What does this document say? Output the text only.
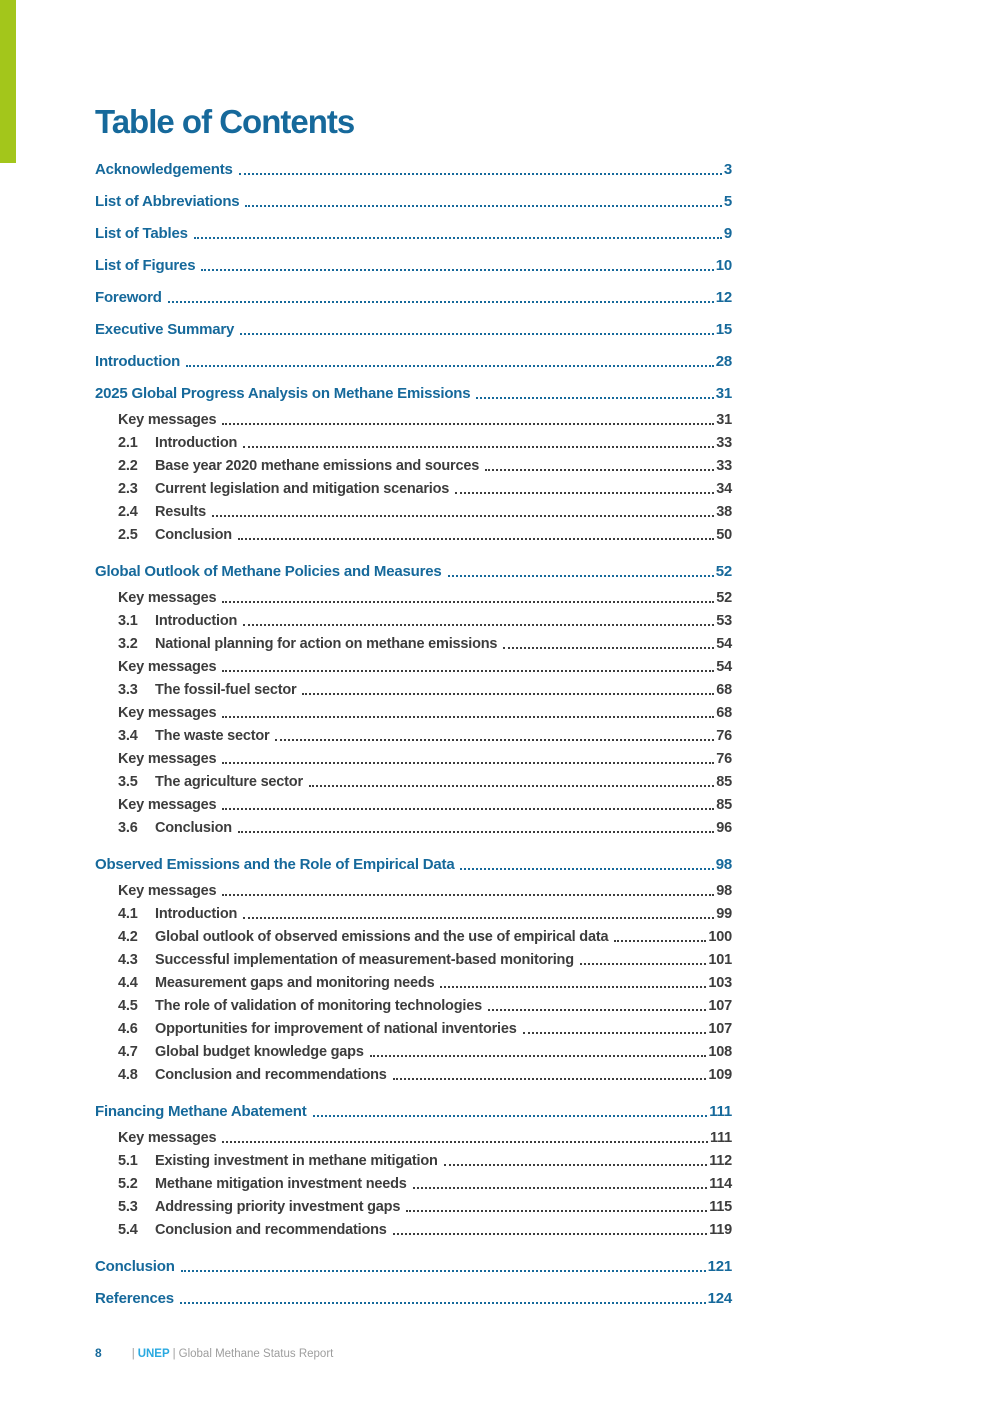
Table of Contents
Acknowledgements	3
List of Abbreviations	5
List of Tables	9
List of Figures	10
Foreword	12
Executive Summary	15
Introduction	28
2025 Global Progress Analysis on Methane Emissions	31
Key messages	31
2.1	Introduction	33
2.2	Base year 2020 methane emissions and sources	33
2.3	Current legislation and mitigation scenarios	34
2.4	Results	38
2.5	Conclusion	50
Global Outlook of Methane Policies and Measures	52
Key messages	52
3.1	Introduction	53
3.2	National planning for action on methane emissions	54
Key messages	54
3.3	The fossil-fuel sector	68
Key messages	68
3.4	The waste sector	76
Key messages	76
3.5	The agriculture sector	85
Key messages	85
3.6	Conclusion	96
Observed Emissions and the Role of Empirical Data	98
Key messages	98
4.1	Introduction	99
4.2	Global outlook of observed emissions and the use of empirical data	100
4.3	Successful implementation of measurement-based monitoring	101
4.4	Measurement gaps and monitoring needs	103
4.5	The role of validation of monitoring technologies	107
4.6	Opportunities for improvement of national inventories	107
4.7	Global budget knowledge gaps	108
4.8	Conclusion and recommendations	109
Financing Methane Abatement	111
Key messages	111
5.1	Existing investment in methane mitigation	112
5.2	Methane mitigation investment needs	114
5.3	Addressing priority investment gaps	115
5.4	Conclusion and recommendations	119
Conclusion	121
References	124
8	| UNEP | Global Methane Status Report
